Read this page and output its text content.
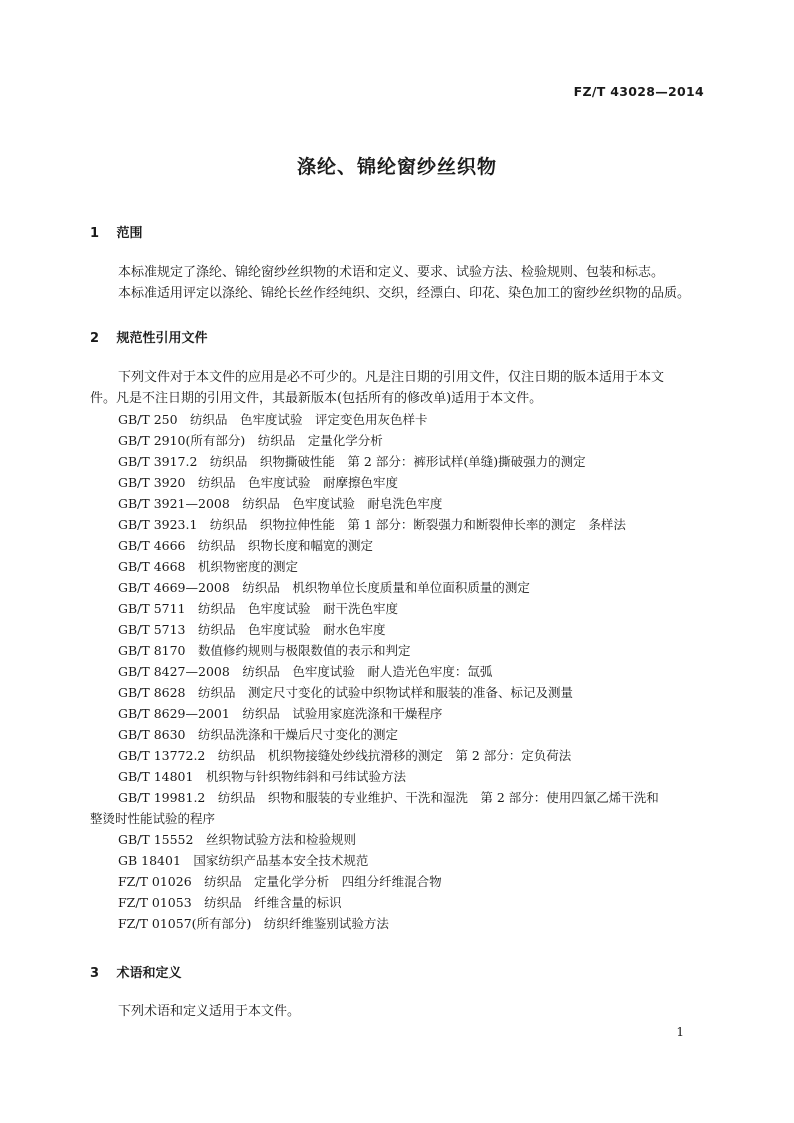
FZ/T 43028—2014
涤纶、锦纶窗纱丝织物
1 范围
本标准规定了涤纶、锦纶窗纱丝织物的术语和定义、要求、试验方法、检验规则、包装和标志。
本标准适用评定以涤纶、锦纶长丝作经纯织、交织，经漂白、印花、染色加工的窗纱丝织物的品质。
2 规范性引用文件
下列文件对于本文件的应用是必不可少的。凡是注日期的引用文件，仅注日期的版本适用于本文
件。凡是不注日期的引用文件，其最新版本(包括所有的修改单)适用于本文件。
GB/T 250　纺织品　色牢度试验　评定变色用灰色样卡
GB/T 2910(所有部分)　纺织品　定量化学分析
GB/T 3917.2　纺织品　织物撕破性能　第 2 部分：裤形试样(单缝)撕破强力的测定
GB/T 3920　纺织品　色牢度试验　耐摩擦色牢度
GB/T 3921—2008　纺织品　色牢度试验　耐皂洗色牢度
GB/T 3923.1　纺织品　织物拉伸性能　第 1 部分：断裂强力和断裂伸长率的测定　条样法
GB/T 4666　纺织品　织物长度和幅宽的测定
GB/T 4668　机织物密度的测定
GB/T 4669—2008　纺织品　机织物单位长度质量和单位面积质量的测定
GB/T 5711　纺织品　色牢度试验　耐干洗色牢度
GB/T 5713　纺织品　色牢度试验　耐水色牢度
GB/T 8170　数值修约规则与极限数值的表示和判定
GB/T 8427—2008　纺织品　色牢度试验　耐人造光色牢度：氙弧
GB/T 8628　纺织品　测定尺寸变化的试验中织物试样和服装的准备、标记及测量
GB/T 8629—2001　纺织品　试验用家庭洗涤和干燥程序
GB/T 8630　纺织品洗涤和干燥后尺寸变化的测定
GB/T 13772.2　纺织品　机织物接缝处纱线抗滑移的测定　第 2 部分：定负荷法
GB/T 14801　机织物与针织物纬斜和弓纬试验方法
GB/T 19981.2　纺织品　织物和服装的专业维护、干洗和湿洗　第 2 部分：使用四氯乙烯干洗和
整烫时性能试验的程序
GB/T 15552　丝织物试验方法和检验规则
GB 18401　国家纺织产品基本安全技术规范
FZ/T 01026　纺织品　定量化学分析　四组分纤维混合物
FZ/T 01053　纺织品　纤维含量的标识
FZ/T 01057(所有部分)　纺织纤维鉴别试验方法
3 术语和定义
下列术语和定义适用于本文件。
1
